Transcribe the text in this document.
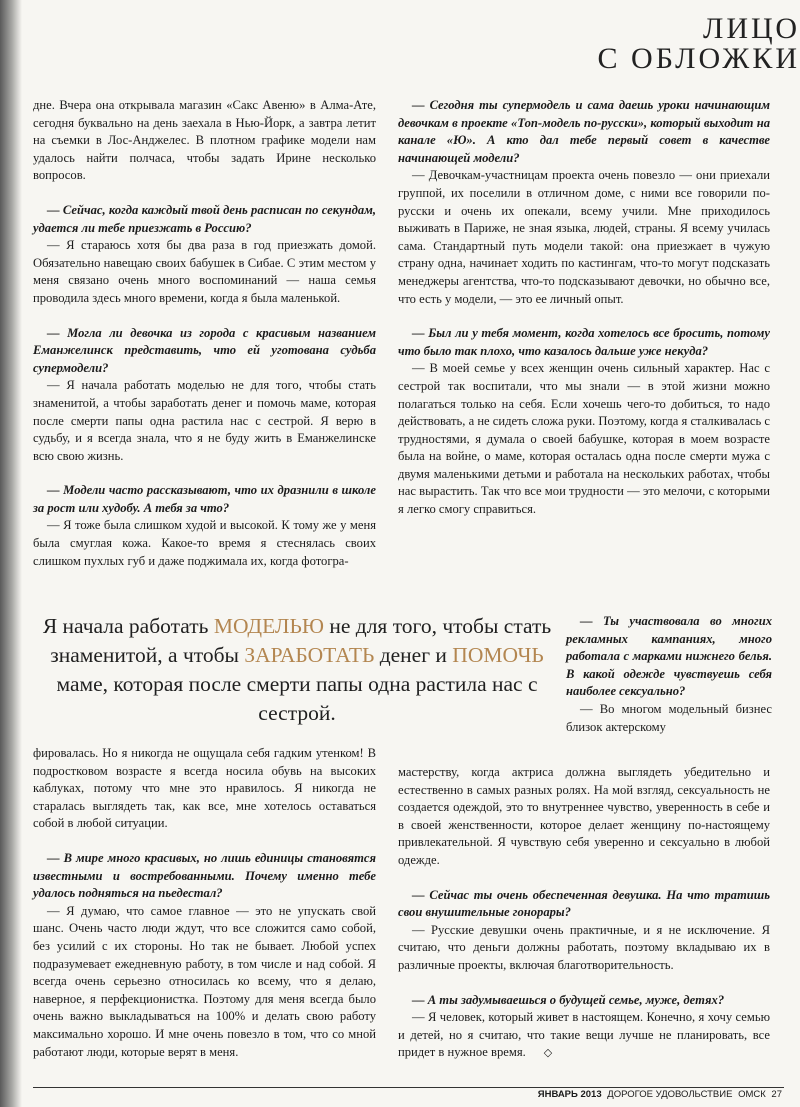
ЛИЦО
С ОБЛОЖКИ

дне. Вчера она открывала магазин «Сакс Авеню» в Алма-Ате, сегодня буквально на день заехала в Нью-Йорк, а завтра летит на съемки в Лос-Анджелес. В плотном графике модели нам удалось найти полчаса, чтобы задать Ирине несколько вопросов.

— Сейчас, когда каждый твой день расписан по секундам, удается ли тебе приезжать в Россию?

— Я стараюсь хотя бы два раза в год приезжать домой. Обязательно навещаю своих бабушек в Сибае. С этим местом у меня связано очень много воспоминаний — наша семья проводила здесь много времени, когда я была маленькой.

— Могла ли девочка из города с красивым названием Еманжелинск представить, что ей уготована судьба супермодели?

— Я начала работать моделью не для того, чтобы стать знаменитой, а чтобы заработать денег и помочь маме, которая после смерти папы одна растила нас с сестрой. Я верю в судьбу, и я всегда знала, что я не буду жить в Еманжелинске всю свою жизнь.

— Модели часто рассказывают, что их дразнили в школе за рост или худобу. А тебя за что?

— Я тоже была слишком худой и высокой. К тому же у меня была смуглая кожа. Какое-то время я стеснялась своих слишком пухлых губ и даже поджимала их, когда фотогра-

— Сегодня ты супермодель и сама даешь уроки начинающим девочкам в проекте «Топ-модель по-русски», который выходит на канале «Ю». А кто дал тебе первый совет в качестве начинающей модели?

— Девочкам-участницам проекта очень повезло — они приехали группой, их поселили в отличном доме, с ними все говорили по-русски и очень их опекали, всему учили. Мне приходилось выживать в Париже, не зная языка, людей, страны. Я всему училась сама. Стандартный путь модели такой: она приезжает в чужую страну одна, начинает ходить по кастингам, что-то могут подсказать менеджеры агентства, что-то подсказывают девочки, но обычно все, что есть у модели, — это ее личный опыт.

— Был ли у тебя момент, когда хотелось все бросить, потому что было так плохо, что казалось дальше уже некуда?

— В моей семье у всех женщин очень сильный характер. Нас с сестрой так воспитали, что мы знали — в этой жизни можно полагаться только на себя. Если хочешь чего-то добиться, то надо действовать, а не сидеть сложа руки. Поэтому, когда я сталкивалась с трудностями, я думала о своей бабушке, которая в моем возрасте была на войне, о маме, которая осталась одна после смерти мужа с двумя маленькими детьми и работала на нескольких работах, чтобы нас вырастить. Так что все мои трудности — это мелочи, с которыми я легко смогу справиться.

Я начала работать МОДЕЛЬЮ не для того, чтобы стать знаменитой, а чтобы ЗАРАБОТАТЬ денег и ПОМОЧЬ маме, которая после смерти папы одна растила нас с сестрой.

— Ты участвовала во многих рекламных кампаниях, много работала с марками нижнего белья. В какой одежде чувствуешь себя наиболее сексуально?

— Во многом модельный бизнес близок актерскому

фировалась. Но я никогда не ощущала себя гадким утенком! В подростковом возрасте я всегда носила обувь на высоких каблуках, потому что мне это нравилось. Я никогда не старалась выглядеть так, как все, мне хотелось оставаться собой в любой ситуации.

— В мире много красивых, но лишь единицы становятся известными и востребованными. Почему именно тебе удалось подняться на пьедестал?

— Я думаю, что самое главное — это не упускать свой шанс. Очень часто люди ждут, что все сложится само собой, без усилий с их стороны. Но так не бывает. Любой успех подразумевает ежедневную работу, в том числе и над собой. Я всегда очень серьезно относилась ко всему, что я делаю, наверное, я перфекционистка. Поэтому для меня всегда было очень важно выкладываться на 100% и делать свою работу максимально хорошо. И мне очень повезло в том, что со мной работают люди, которые верят в меня.

мастерству, когда актриса должна выглядеть убедительно и естественно в самых разных ролях. На мой взгляд, сексуальность не создается одеждой, это то внутреннее чувство, уверенность в себе и в своей женственности, которое делает женщину по-настоящему привлекательной. Я чувствую себя уверенно и сексуально в любой одежде.

— Сейчас ты очень обеспеченная девушка. На что тратишь свои внушительные гонорары?

— Русские девушки очень практичные, и я не исключение. Я считаю, что деньги должны работать, поэтому вкладываю их в различные проекты, включая благотворительность.

— А ты задумываешься о будущей семье, муже, детях?

— Я человек, который живет в настоящем. Конечно, я хочу семью и детей, но я считаю, что такие вещи лучше не планировать, все придет в нужное время. ◇

ЯНВАРЬ 2013 ДОРОГОЕ УДОВОЛЬСТВИЕ ОМСК 27
